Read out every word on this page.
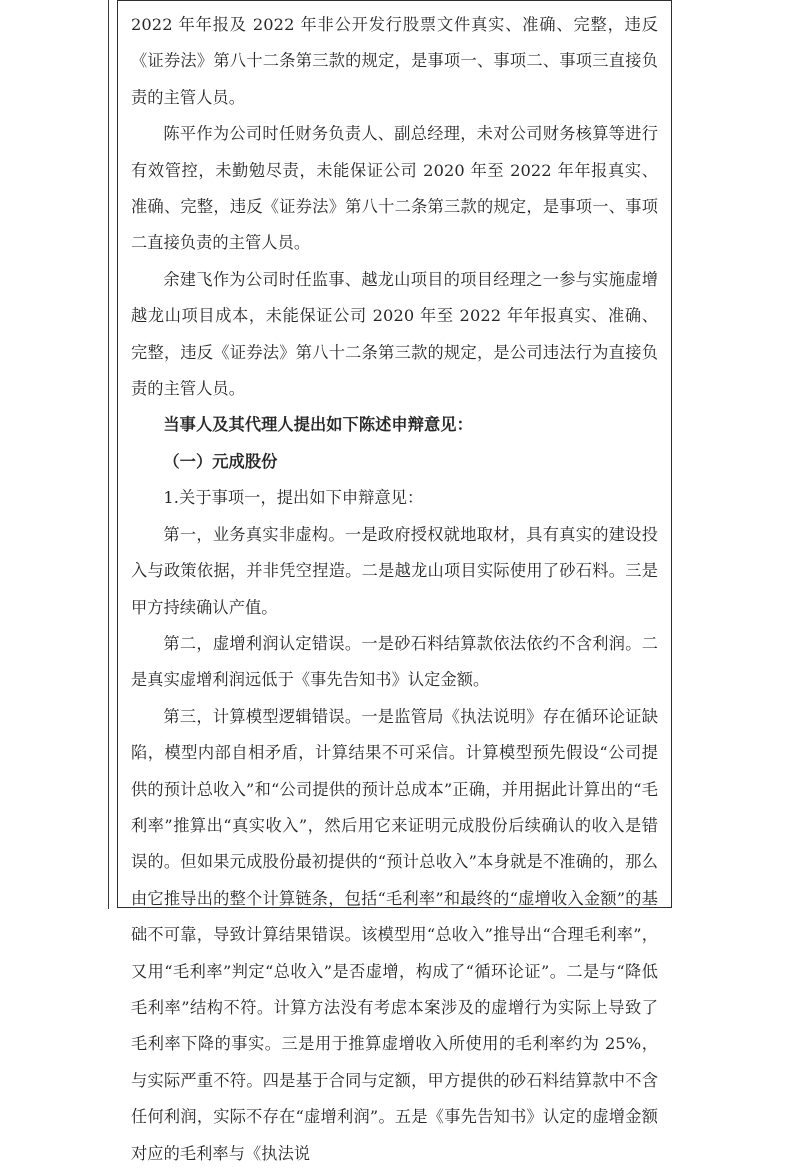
2022 年年报及 2022 年非公开发行股票文件真实、准确、完整，违反《证券法》第八十二条第三款的规定，是事项一、事项二、事项三直接负责的主管人员。

陈平作为公司时任财务负责人、副总经理，未对公司财务核算等进行有效管控，未勤勉尽责，未能保证公司 2020 年至 2022 年年报真实、准确、完整，违反《证券法》第八十二条第三款的规定，是事项一、事项二直接负责的主管人员。

余建飞作为公司时任监事、越龙山项目的项目经理之一参与实施虚增越龙山项目成本，未能保证公司 2020 年至 2022 年年报真实、准确、完整，违反《证券法》第八十二条第三款的规定，是公司违法行为直接负责的主管人员。

当事人及其代理人提出如下陈述申辩意见：

（一）元成股份

1.关于事项一，提出如下申辩意见：

第一，业务真实非虚构。一是政府授权就地取材，具有真实的建设投入与政策依据，并非凭空捏造。二是越龙山项目实际使用了砂石料。三是甲方持续确认产值。

第二，虚增利润认定错误。一是砂石料结算款依法依约不含利润。二是真实虚增利润远低于《事先告知书》认定金额。

第三，计算模型逻辑错误。一是监管局《执法说明》存在循环论证缺陷，模型内部自相矛盾，计算结果不可采信。计算模型预先假设“公司提供的预计总收入”和“公司提供的预计总成本”正确，并用据此计算出的“毛利率”推算出“真实收入”，然后用它来证明元成股份后续确认的收入是错误的。但如果元成股份最初提供的“预计总收入”本身就是不准确的，那么由它推导出的整个计算链条，包括“毛利率”和最终的“虚增收入金额”的基础不可靠，导致计算结果错误。该模型用“总收入”推导出“合理毛利率”，又用“毛利率”判定“总收入”是否虚增，构成了“循环论证”。二是与“降低毛利率”结构不符。计算方法没有考虑本案涉及的虚增行为实际上导致了毛利率下降的事实。三是用于推算虚增收入所使用的毛利率约为 25%，与实际严重不符。四是基于合同与定额，甲方提供的砂石料结算款中不含任何利润，实际不存在“虚增利润”。五是《事先告知书》认定的虚增金额对应的毛利率与《执法说
